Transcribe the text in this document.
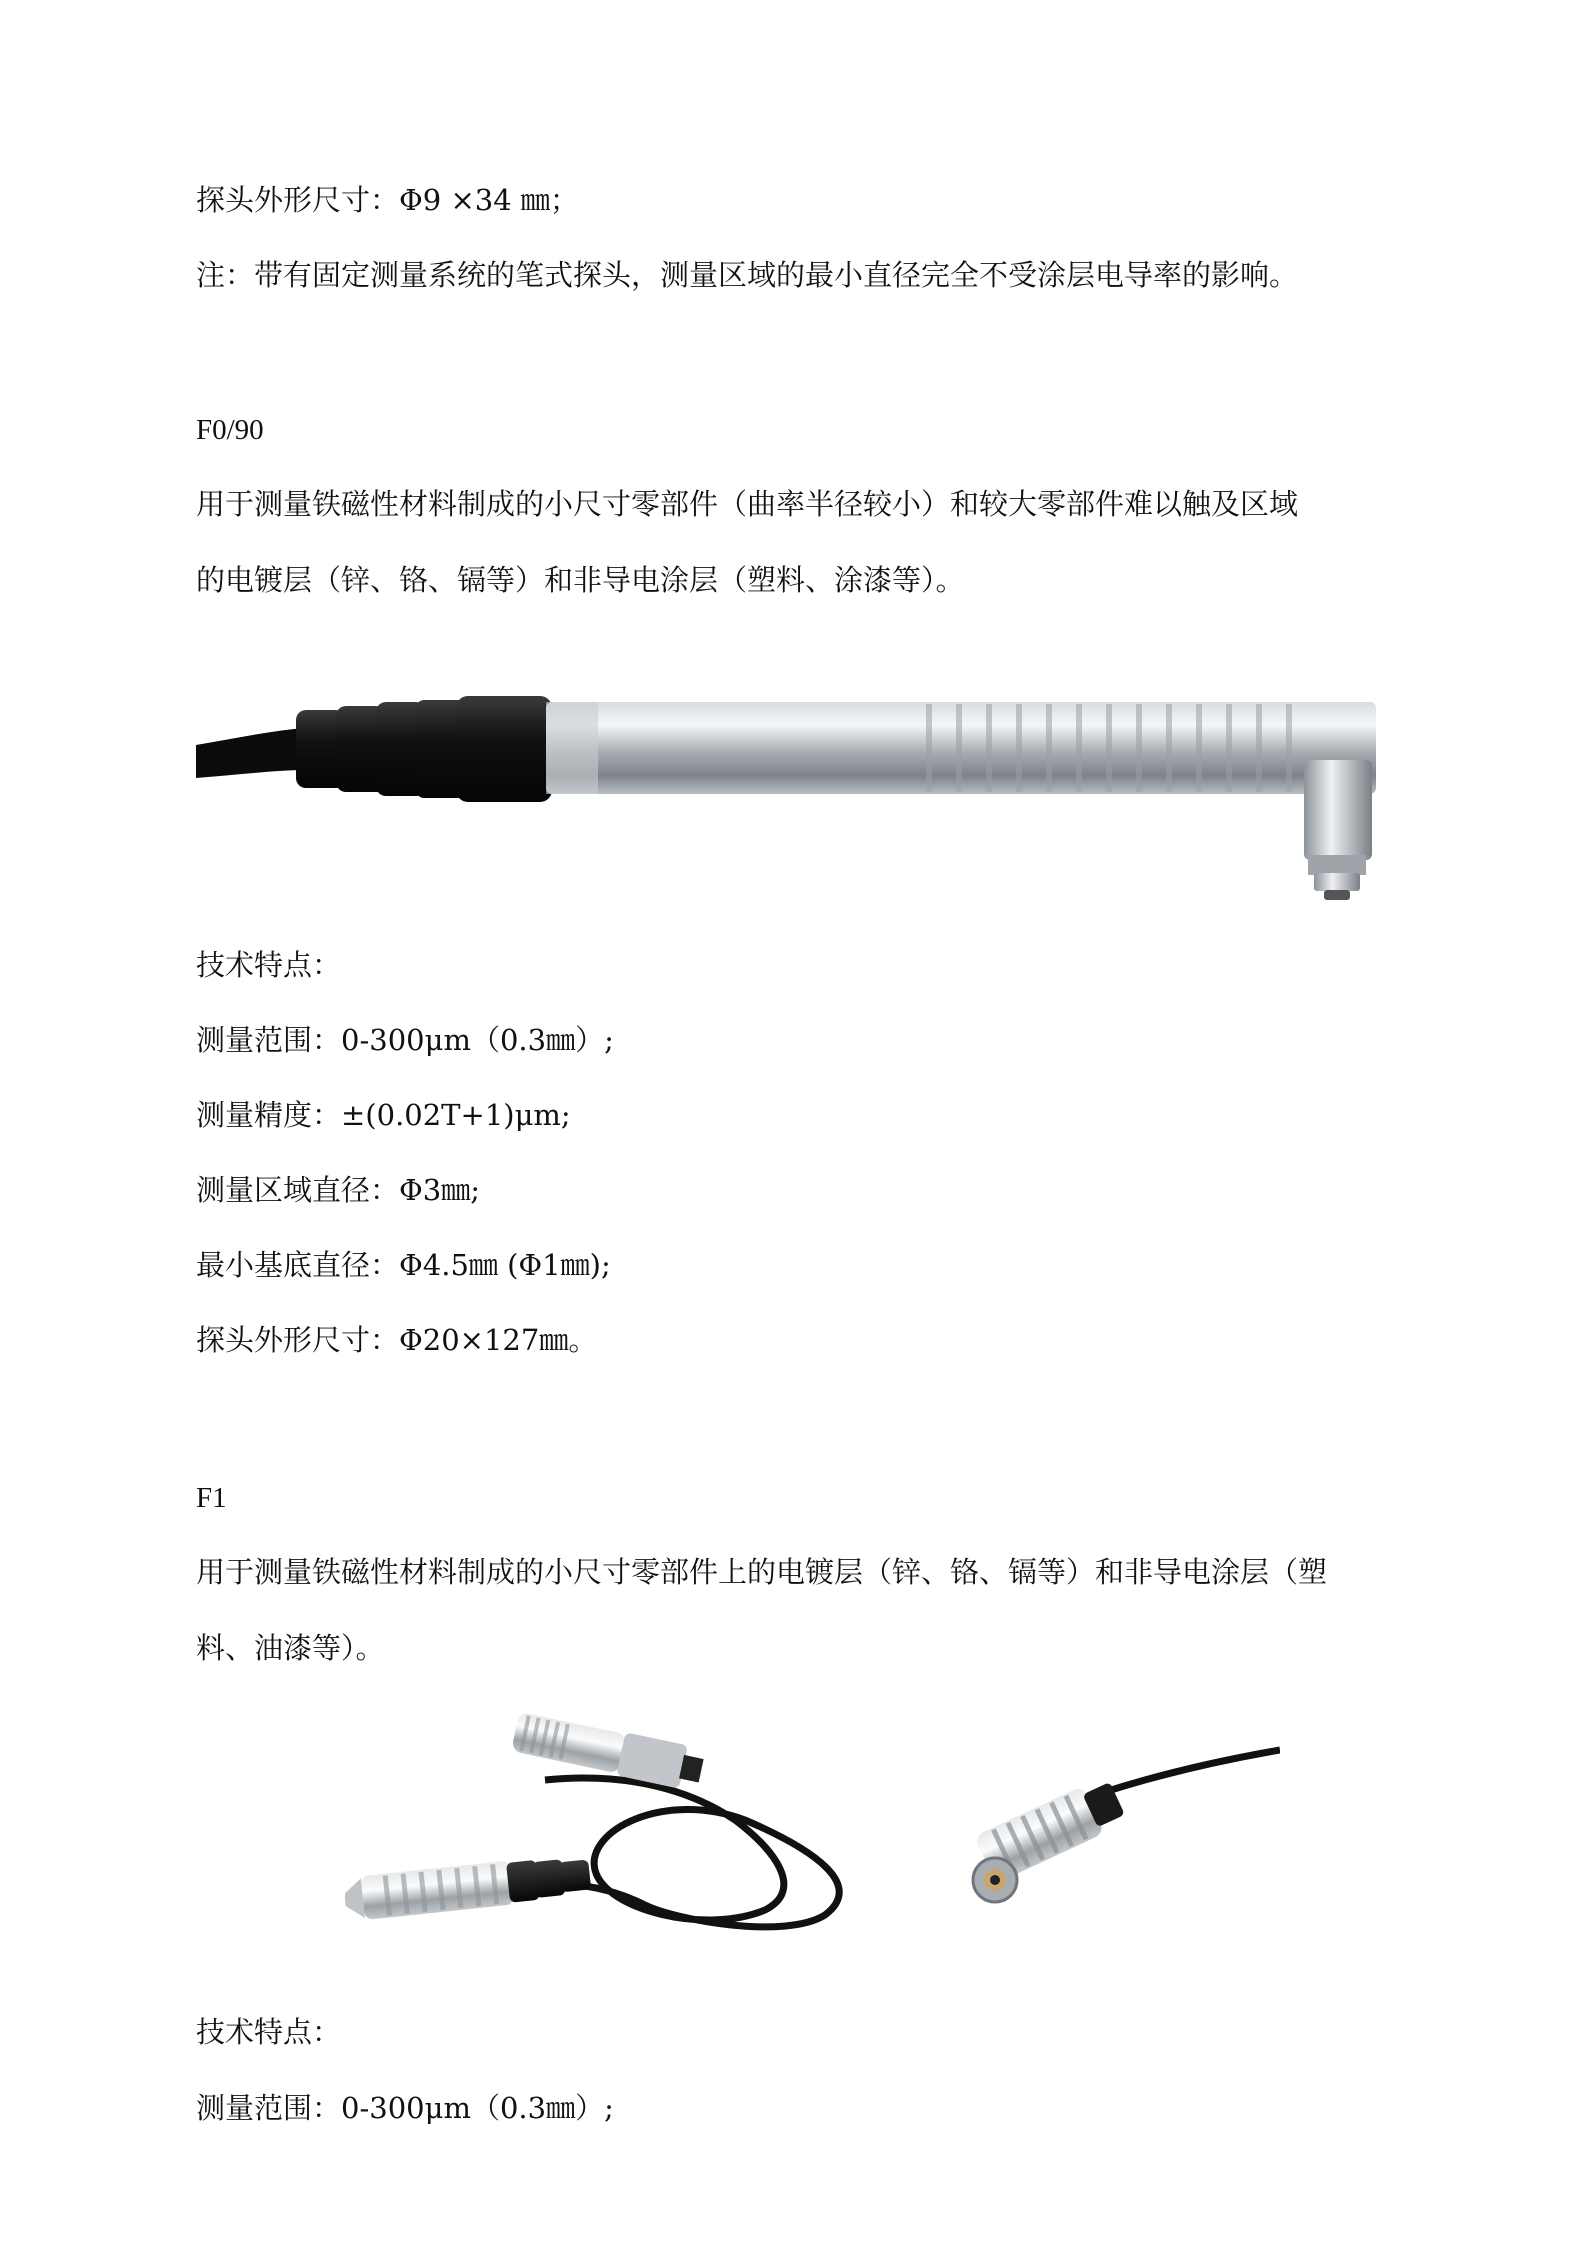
探头外形尺寸：Φ9 ×34 ㎜；
注：带有固定测量系统的笔式探头，测量区域的最小直径完全不受涂层电导率的影响。
F0/90
用于测量铁磁性材料制成的小尺寸零部件（曲率半径较小）和较大零部件难以触及区域
的电镀层（锌、铬、镉等）和非导电涂层（塑料、涂漆等）。
技术特点：
测量范围：0-300μm（0.3㎜）;
测量精度：±(0.02T+1)μm;
测量区域直径：Φ3㎜;
最小基底直径：Φ4.5㎜ (Φ1㎜);
探头外形尺寸：Φ20×127㎜。
F1
用于测量铁磁性材料制成的小尺寸零部件上的电镀层（锌、铬、镉等）和非导电涂层（塑
料、油漆等）。
技术特点：
测量范围：0-300μm（0.3㎜）;
